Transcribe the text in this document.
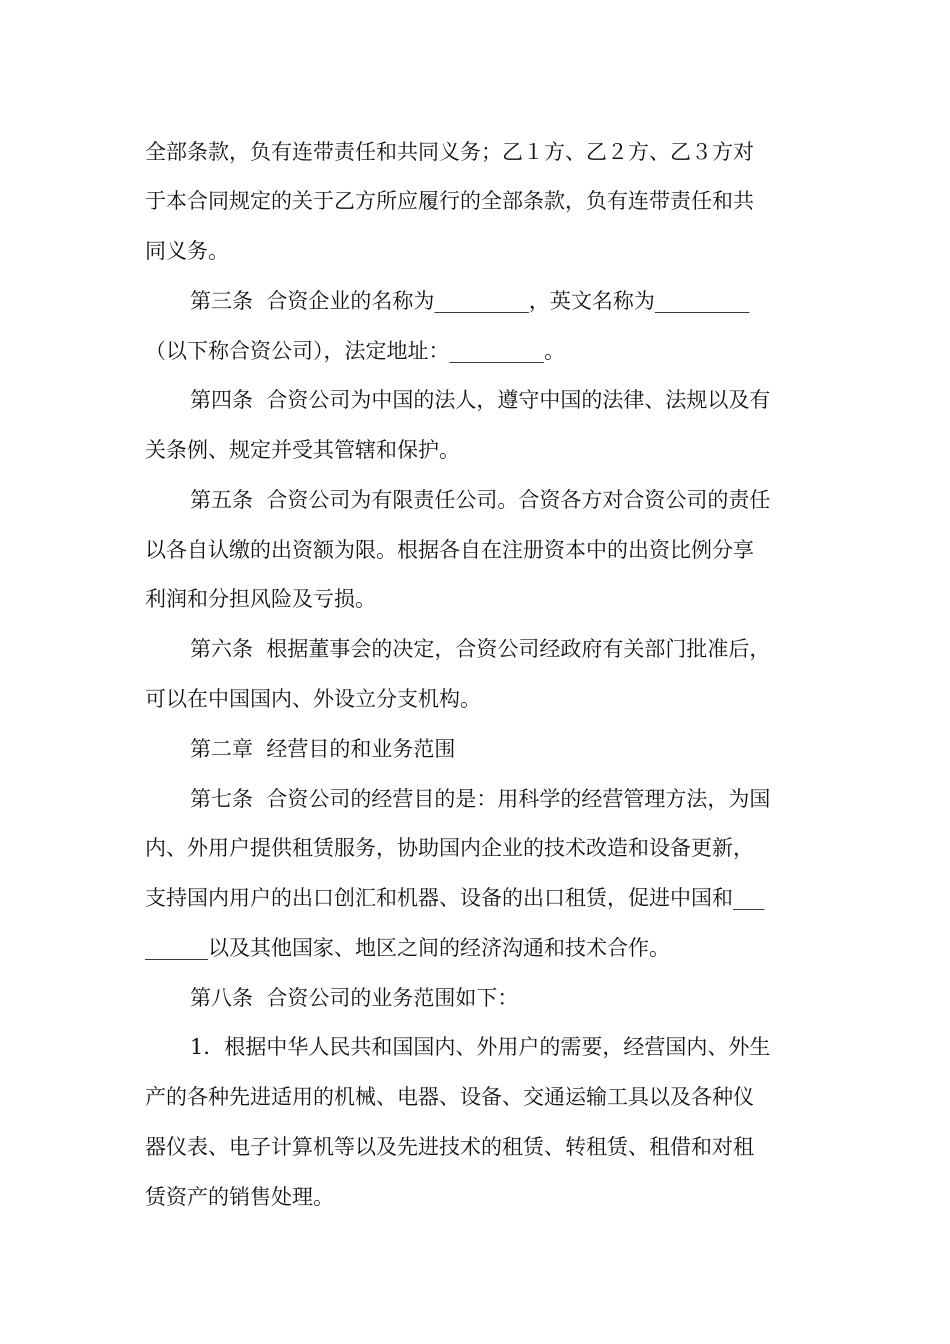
全部条款，负有连带责任和共同义务；乙１方、乙２方、乙３方对

于本合同规定的关于乙方所应履行的全部条款，负有连带责任和共

同义务。

第三条  合资企业的名称为_________，英文名称为_________

（以下称合资公司），法定地址：_________。

第四条  合资公司为中国的法人，遵守中国的法律、法规以及有

关条例、规定并受其管辖和保护。

第五条  合资公司为有限责任公司。合资各方对合资公司的责任

以各自认缴的出资额为限。根据各自在注册资本中的出资比例分享

利润和分担风险及亏损。

第六条  根据董事会的决定，合资公司经政府有关部门批准后，

可以在中国国内、外设立分支机构。

第二章  经营目的和业务范围

第七条  合资公司的经营目的是：用科学的经营管理方法，为国

内、外用户提供租赁服务，协助国内企业的技术改造和设备更新，

支持国内用户的出口创汇和机器、设备的出口租赁，促进中国和___

______以及其他国家、地区之间的经济沟通和技术合作。

第八条  合资公司的业务范围如下：

1．根据中华人民共和国国内、外用户的需要，经营国内、外生

产的各种先进适用的机械、电器、设备、交通运输工具以及各种仪

器仪表、电子计算机等以及先进技术的租赁、转租赁、租借和对租

赁资产的销售处理。
